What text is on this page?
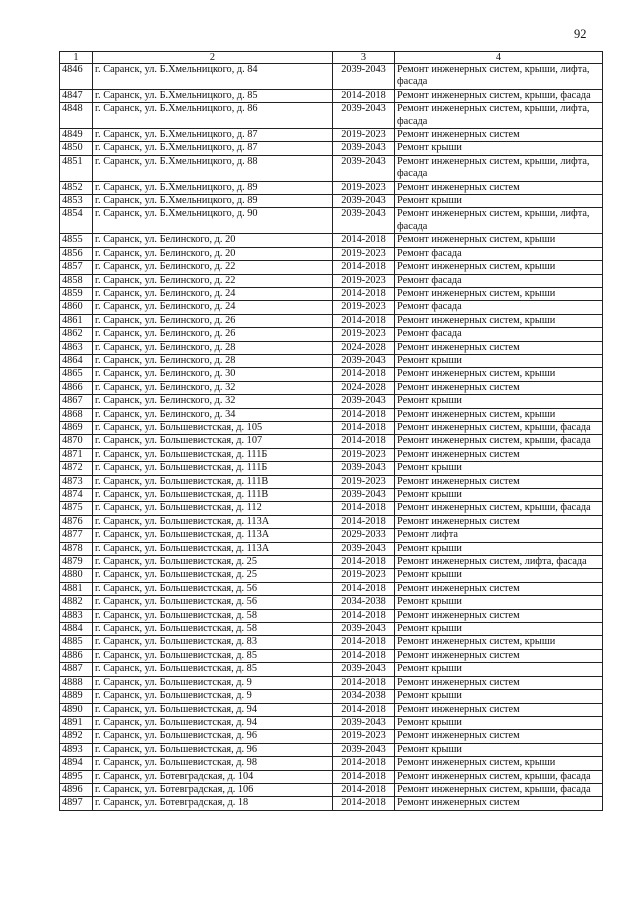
92
1	2	3	4
4846	г. Саранск, ул. Б.Хмельницкого, д. 84	2039-2043	Ремонт инженерных систем, крыши, лифта, фасада
4847	г. Саранск, ул. Б.Хмельницкого, д. 85	2014-2018	Ремонт инженерных систем, крыши, фасада
4848	г. Саранск, ул. Б.Хмельницкого, д. 86	2039-2043	Ремонт инженерных систем, крыши, лифта, фасада
4849	г. Саранск, ул. Б.Хмельницкого, д. 87	2019-2023	Ремонт инженерных систем
4850	г. Саранск, ул. Б.Хмельницкого, д. 87	2039-2043	Ремонт крыши
4851	г. Саранск, ул. Б.Хмельницкого, д. 88	2039-2043	Ремонт инженерных систем, крыши, лифта, фасада
4852	г. Саранск, ул. Б.Хмельницкого, д. 89	2019-2023	Ремонт инженерных систем
4853	г. Саранск, ул. Б.Хмельницкого, д. 89	2039-2043	Ремонт крыши
4854	г. Саранск, ул. Б.Хмельницкого, д. 90	2039-2043	Ремонт инженерных систем, крыши, лифта, фасада
4855	г. Саранск, ул. Белинского, д. 20	2014-2018	Ремонт инженерных систем, крыши
4856	г. Саранск, ул. Белинского, д. 20	2019-2023	Ремонт фасада
4857	г. Саранск, ул. Белинского, д. 22	2014-2018	Ремонт инженерных систем, крыши
4858	г. Саранск, ул. Белинского, д. 22	2019-2023	Ремонт фасада
4859	г. Саранск, ул. Белинского, д. 24	2014-2018	Ремонт инженерных систем, крыши
4860	г. Саранск, ул. Белинского, д. 24	2019-2023	Ремонт фасада
4861	г. Саранск, ул. Белинского, д. 26	2014-2018	Ремонт инженерных систем, крыши
4862	г. Саранск, ул. Белинского, д. 26	2019-2023	Ремонт фасада
4863	г. Саранск, ул. Белинского, д. 28	2024-2028	Ремонт инженерных систем
4864	г. Саранск, ул. Белинского, д. 28	2039-2043	Ремонт крыши
4865	г. Саранск, ул. Белинского, д. 30	2014-2018	Ремонт инженерных систем, крыши
4866	г. Саранск, ул. Белинского, д. 32	2024-2028	Ремонт инженерных систем
4867	г. Саранск, ул. Белинского, д. 32	2039-2043	Ремонт крыши
4868	г. Саранск, ул. Белинского, д. 34	2014-2018	Ремонт инженерных систем, крыши
4869	г. Саранск, ул. Большевистская, д. 105	2014-2018	Ремонт инженерных систем, крыши, фасада
4870	г. Саранск, ул. Большевистская, д. 107	2014-2018	Ремонт инженерных систем, крыши, фасада
4871	г. Саранск, ул. Большевистская, д. 111Б	2019-2023	Ремонт инженерных систем
4872	г. Саранск, ул. Большевистская, д. 111Б	2039-2043	Ремонт крыши
4873	г. Саранск, ул. Большевистская, д. 111В	2019-2023	Ремонт инженерных систем
4874	г. Саранск, ул. Большевистская, д. 111В	2039-2043	Ремонт крыши
4875	г. Саранск, ул. Большевистская, д. 112	2014-2018	Ремонт инженерных систем, крыши, фасада
4876	г. Саранск, ул. Большевистская, д. 113А	2014-2018	Ремонт инженерных систем
4877	г. Саранск, ул. Большевистская, д. 113А	2029-2033	Ремонт лифта
4878	г. Саранск, ул. Большевистская, д. 113А	2039-2043	Ремонт крыши
4879	г. Саранск, ул. Большевистская, д. 25	2014-2018	Ремонт инженерных систем, лифта, фасада
4880	г. Саранск, ул. Большевистская, д. 25	2019-2023	Ремонт крыши
4881	г. Саранск, ул. Большевистская, д. 56	2014-2018	Ремонт инженерных систем
4882	г. Саранск, ул. Большевистская, д. 56	2034-2038	Ремонт крыши
4883	г. Саранск, ул. Большевистская, д. 58	2014-2018	Ремонт инженерных систем
4884	г. Саранск, ул. Большевистская, д. 58	2039-2043	Ремонт крыши
4885	г. Саранск, ул. Большевистская, д. 83	2014-2018	Ремонт инженерных систем, крыши
4886	г. Саранск, ул. Большевистская, д. 85	2014-2018	Ремонт инженерных систем
4887	г. Саранск, ул. Большевистская, д. 85	2039-2043	Ремонт крыши
4888	г. Саранск, ул. Большевистская, д. 9	2014-2018	Ремонт инженерных систем
4889	г. Саранск, ул. Большевистская, д. 9	2034-2038	Ремонт крыши
4890	г. Саранск, ул. Большевистская, д. 94	2014-2018	Ремонт инженерных систем
4891	г. Саранск, ул. Большевистская, д. 94	2039-2043	Ремонт крыши
4892	г. Саранск, ул. Большевистская, д. 96	2019-2023	Ремонт инженерных систем
4893	г. Саранск, ул. Большевистская, д. 96	2039-2043	Ремонт крыши
4894	г. Саранск, ул. Большевистская, д. 98	2014-2018	Ремонт инженерных систем, крыши
4895	г. Саранск, ул. Ботевградская, д. 104	2014-2018	Ремонт инженерных систем, крыши, фасада
4896	г. Саранск, ул. Ботевградская, д. 106	2014-2018	Ремонт инженерных систем, крыши, фасада
4897	г. Саранск, ул. Ботевградская, д. 18	2014-2018	Ремонт инженерных систем
